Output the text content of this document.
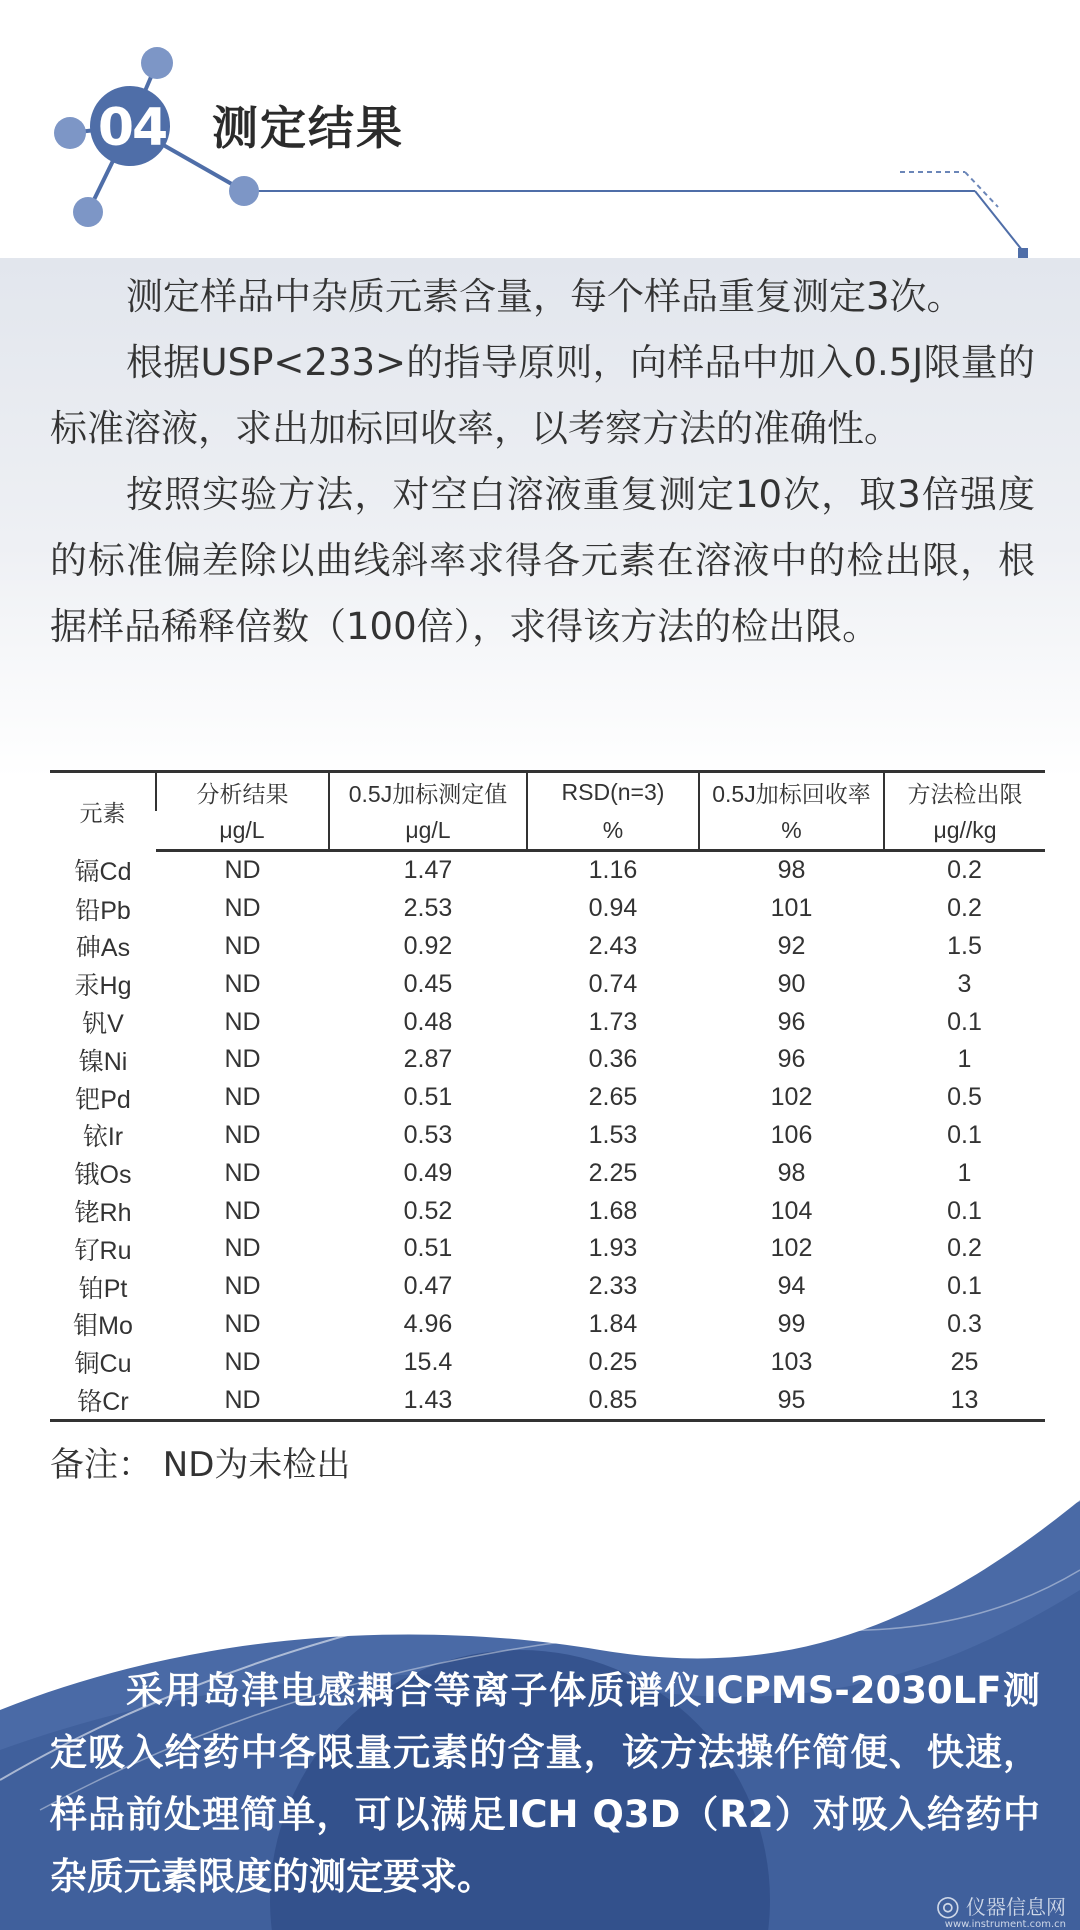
04 测定结果

测定样品中杂质元素含量，每个样品重复测定3次。

根据USP<233>的指导原则，向样品中加入0.5J限量的标准溶液，求出加标回收率，以考察方法的准确性。

按照实验方法，对空白溶液重复测定10次，取3倍强度的标准偏差除以曲线斜率求得各元素在溶液中的检出限，根据样品稀释倍数（100倍），求得该方法的检出限。

元素	分析结果	0.5J加标测定值	RSD(n=3)	0.5J加标回收率	方法检出限
	μg/L	μg/L	%	%	μg//kg
镉Cd	ND	1.47	1.16	98	0.2
铅Pb	ND	2.53	0.94	101	0.2
砷As	ND	0.92	2.43	92	1.5
汞Hg	ND	0.45	0.74	90	3
钒V	ND	0.48	1.73	96	0.1
镍Ni	ND	2.87	0.36	96	1
钯Pd	ND	0.51	2.65	102	0.5
铱Ir	ND	0.53	1.53	106	0.1
锇Os	ND	0.49	2.25	98	1
铑Rh	ND	0.52	1.68	104	0.1
钌Ru	ND	0.51	1.93	102	0.2
铂Pt	ND	0.47	2.33	94	0.1
钼Mo	ND	4.96	1.84	99	0.3
铜Cu	ND	15.4	0.25	103	25
铬Cr	ND	1.43	0.85	95	13
备注： ND为未检出
采用岛津电感耦合等离子体质谱仪ICPMS-2030LF测定吸入给药中各限量元素的含量，该方法操作简便、快速，样品前处理简单，可以满足ICH Q3D（R2）对吸入给药中杂质元素限度的测定要求。
◎ 仪器信息网
www.instrument.com.cn
